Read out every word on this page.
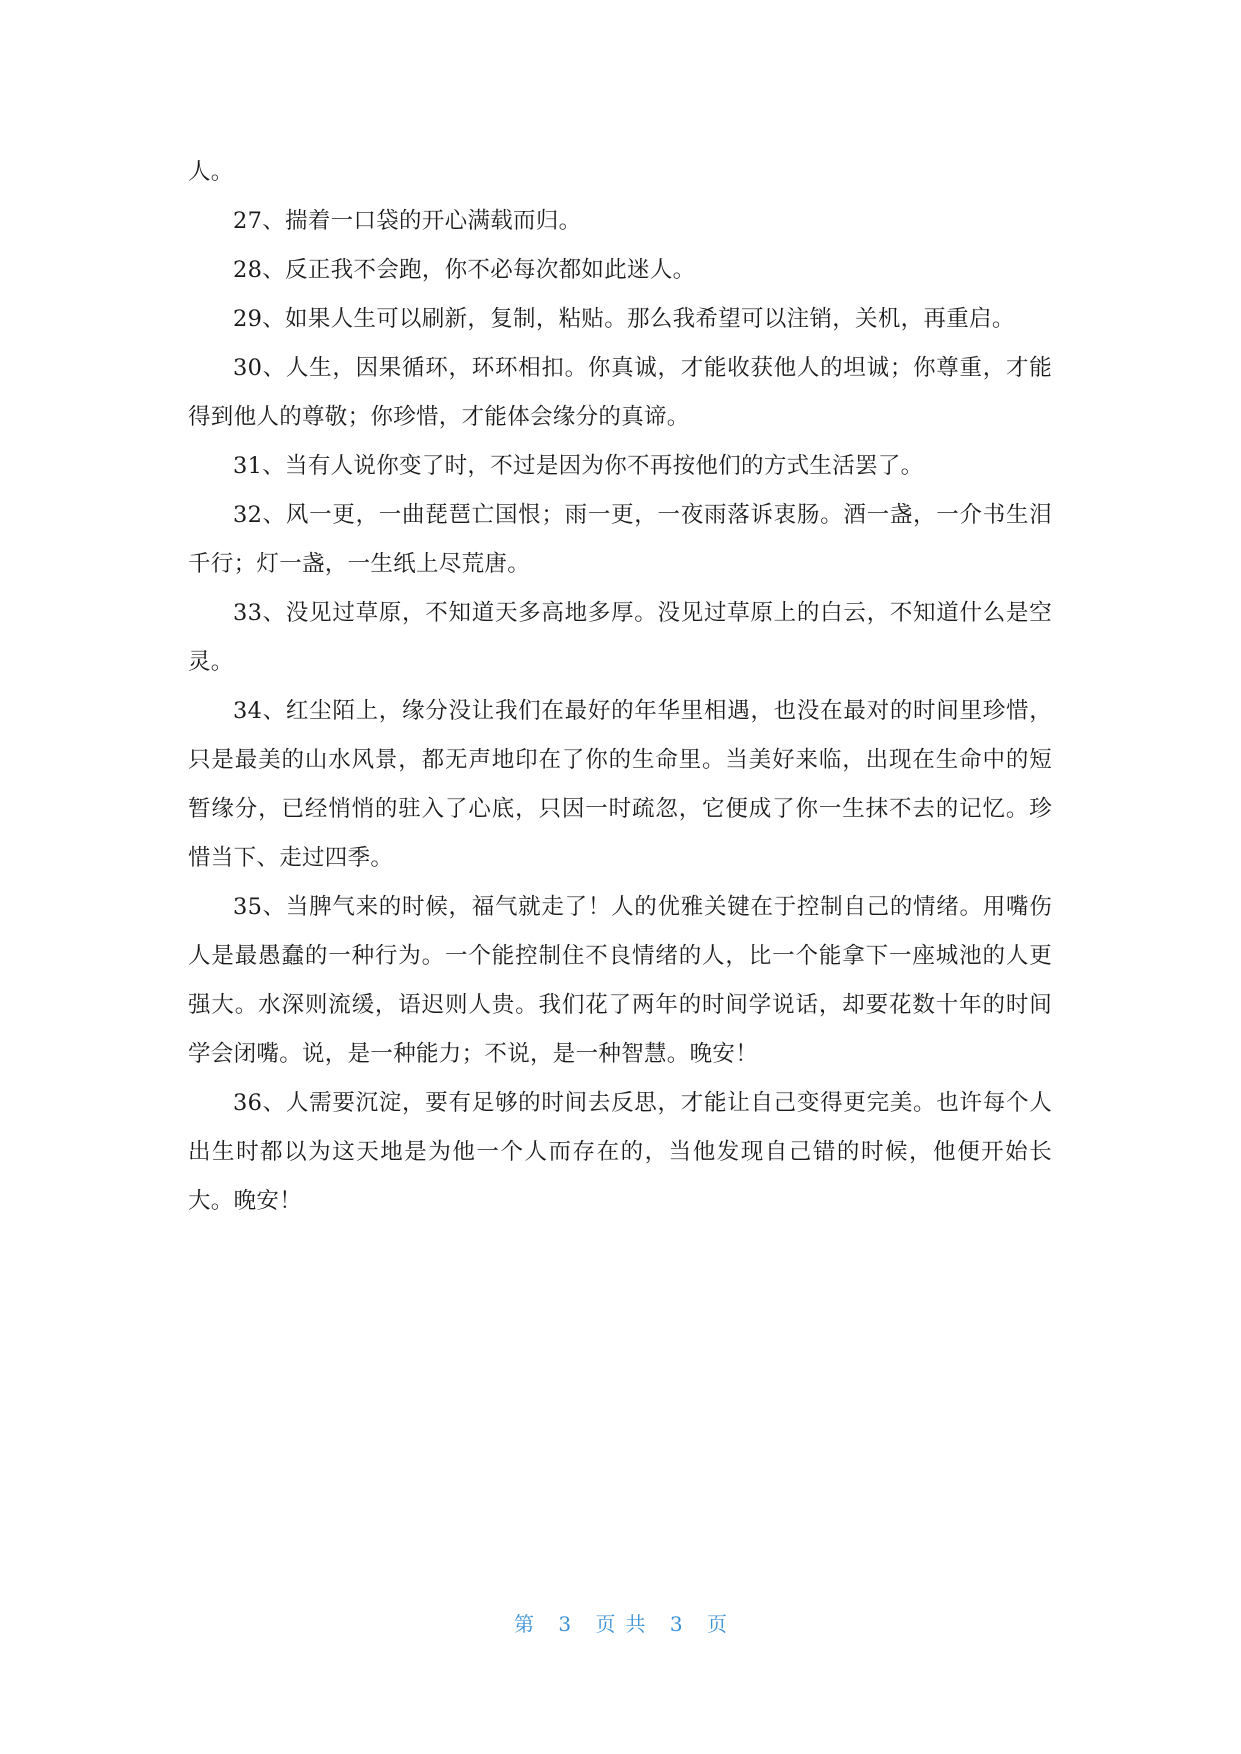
人。

27、揣着一口袋的开心满载而归。

28、反正我不会跑，你不必每次都如此迷人。

29、如果人生可以刷新，复制，粘贴。那么我希望可以注销，关机，再重启。

30、人生，因果循环，环环相扣。你真诚，才能收获他人的坦诚；你尊重，才能得到他人的尊敬；你珍惜，才能体会缘分的真谛。

31、当有人说你变了时，不过是因为你不再按他们的方式生活罢了。

32、风一更，一曲琵琶亡国恨；雨一更，一夜雨落诉衷肠。酒一盏，一介书生泪千行；灯一盏，一生纸上尽荒唐。

33、没见过草原，不知道天多高地多厚。没见过草原上的白云，不知道什么是空灵。

34、红尘陌上，缘分没让我们在最好的年华里相遇，也没在最对的时间里珍惜，只是最美的山水风景，都无声地印在了你的生命里。当美好来临，出现在生命中的短暂缘分，已经悄悄的驻入了心底，只因一时疏忽，它便成了你一生抹不去的记忆。珍惜当下、走过四季。

35、当脾气来的时候，福气就走了！人的优雅关键在于控制自己的情绪。用嘴伤人是最愚蠢的一种行为。一个能控制住不良情绪的人，比一个能拿下一座城池的人更强大。水深则流缓，语迟则人贵。我们花了两年的时间学说话，却要花数十年的时间学会闭嘴。说，是一种能力；不说，是一种智慧。晚安！

36、人需要沉淀，要有足够的时间去反思，才能让自己变得更完美。也许每个人出生时都以为这天地是为他一个人而存在的，当他发现自己错的时候，他便开始长大。晚安！

第 3 页共 3 页
